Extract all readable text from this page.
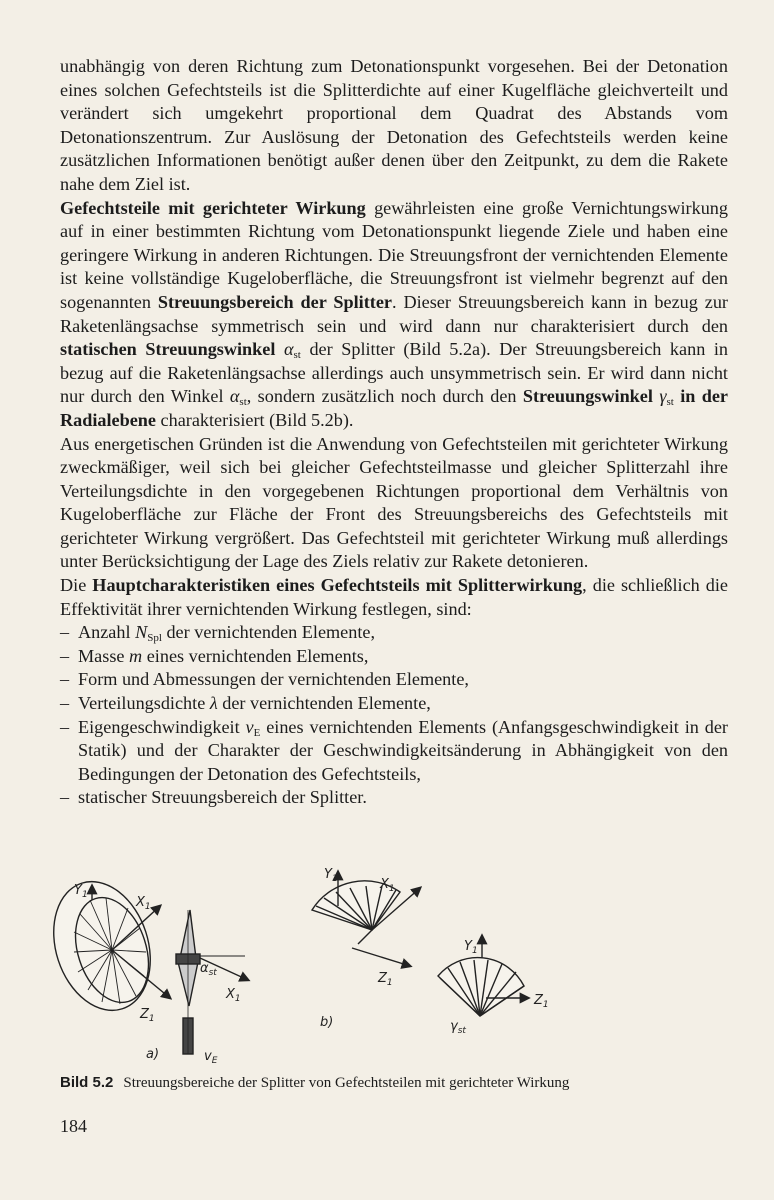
unabhängig von deren Richtung zum Detonationspunkt vorgesehen. Bei der Detonation eines solchen Gefechtsteils ist die Splitterdichte auf einer Kugelfläche gleichverteilt und verändert sich umgekehrt proportional dem Quadrat des Abstands vom Detonationszentrum. Zur Auslösung der Detonation des Gefechtsteils werden keine zusätzlichen Informationen benötigt außer denen über den Zeitpunkt, zu dem die Rakete nahe dem Ziel ist.

Gefechtsteile mit gerichteter Wirkung gewährleisten eine große Vernichtungswirkung auf in einer bestimmten Richtung vom Detonationspunkt liegende Ziele und haben eine geringere Wirkung in anderen Richtungen. Die Streuungsfront der vernichtenden Elemente ist keine vollständige Kugeloberfläche, die Streuungsfront ist vielmehr begrenzt auf den sogenannten Streuungsbereich der Splitter. Dieser Streuungsbereich kann in bezug zur Raketenlängsachse symmetrisch sein und wird dann nur charakterisiert durch den statischen Streuungswinkel $\alpha_{st}$ der Splitter (Bild 5.2a). Der Streuungsbereich kann in bezug auf die Raketenlängsachse allerdings auch unsymmetrisch sein. Er wird dann nicht nur durch den Winkel $\alpha_{st}$, sondern zusätzlich noch durch den Streuungswinkel $\gamma_{st}$ in der Radialebene charakterisiert (Bild 5.2b).

Aus energetischen Gründen ist die Anwendung von Gefechtsteilen mit gerichteter Wirkung zweckmäßiger, weil sich bei gleicher Gefechtsteilmasse und gleicher Splitterzahl ihre Verteilungsdichte in den vorgegebenen Richtungen proportional dem Verhältnis von Kugeloberfläche zur Fläche der Front des Streuungsbereichs des Gefechtsteils mit gerichteter Wirkung vergrößert. Das Gefechtsteil mit gerichteter Wirkung muß allerdings unter Berücksichtigung der Lage des Ziels relativ zur Rakete detonieren.

Die Hauptcharakteristiken eines Gefechtsteils mit Splitterwirkung, die schließlich die Effektivität ihrer vernichtenden Wirkung festlegen, sind:

– Anzahl $N_{Spl}$ der vernichtenden Elemente,
– Masse m eines vernichtenden Elements,
– Form und Abmessungen der vernichtenden Elemente,
– Verteilungsdichte λ der vernichtenden Elemente,
– Eigengeschwindigkeit $v_E$ eines vernichtenden Elements (Anfangsgeschwindigkeit in der Statik) und der Charakter der Geschwindigkeitsänderung in Abhängigkeit von den Bedingungen der Detonation des Gefechtsteils,
– statischer Streuungsbereich der Splitter.
$Y_1$	$X_1$
$Z_1$
$\alpha_{st}$
$X_1$
$v_E$
a)
$Y_1$	$X_1$
$Z_1$
b)
$Y_1$
$Z_1$
$\gamma_{st}$
Bild 5.2 Streuungsbereiche der Splitter von Gefechtsteilen mit gerichteter Wirkung
184
